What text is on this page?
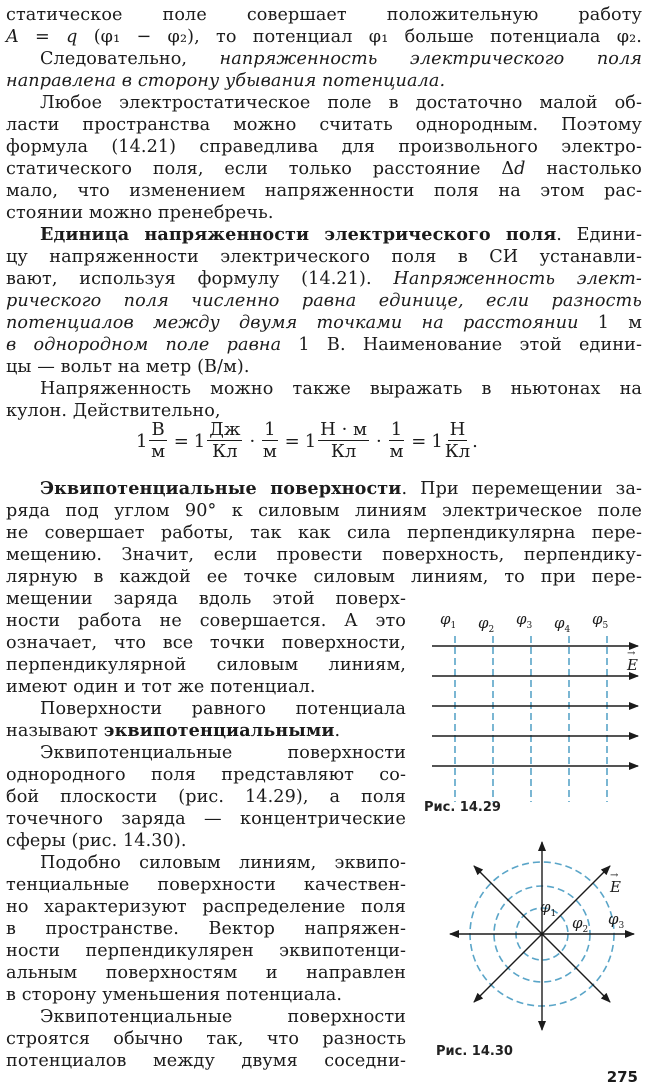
статическое поле совершает положительную работу
A = q (φ₁ − φ₂), то потенциал φ₁ больше потенциала φ₂.
Следовательно, напряженность электрического поля
направлена в сторону убывания потенциала.
Любое электростатическое поле в достаточно малой об-
ласти пространства можно считать однородным. Поэтому
формула (14.21) справедлива для произвольного электро-
статического поля, если только расстояние Δd настолько
мало, что изменением напряженности поля на этом рас-
стоянии можно пренебречь.
Единица напряженности электрического поля. Едини-
цу напряженности электрического поля в СИ устанавли-
вают, используя формулу (14.21). Напряженность элект-
рического поля численно равна единице, если разность
потенциалов между двумя точками на расстоянии 1 м
в однородном поле равна 1 В. Наименование этой едини-
цы — вольт на метр (В/м).
Напряженность можно также выражать в ньютонах на
кулон. Действительно,
$1 \frac{В}{м} = 1 \frac{Дж}{Кл} \cdot \frac{1}{м} = 1 \frac{Н \cdot м}{Кл} \cdot \frac{1}{м} = 1 \frac{Н}{Кл}$ .
Эквипотенциальные поверхности. При перемещении за-
ряда под углом 90° к силовым линиям электрическое поле
не совершает работы, так как сила перпендикулярна пере-
мещению. Значит, если провести поверхность, перпендику-
лярную в каждой ее точке силовым линиям, то при пере-
мещении заряда вдоль этой поверх-
ности работа не совершается. А это
означает, что все точки поверхности,
перпендикулярной силовым линиям,
имеют один и тот же потенциал.
Поверхности равного потенциала
называют эквипотенциальными.
Эквипотенциальные поверхности
однородного поля представляют со-
бой плоскости (рис. 14.29), а поля
точечного заряда — концентрические
сферы (рис. 14.30).
Подобно силовым линиям, эквипо-
тенциальные поверхности качествен-
но характеризуют распределение поля
в пространстве. Вектор напряжен-
ности перпендикулярен эквипотенци-
альным поверхностям и направлен
в сторону уменьшения потенциала.
Эквипотенциальные поверхности
строятся обычно так, что разность
потенциалов между двумя соседни-
$\varphi_1$ $\varphi_2$
$\varphi_3$ $\varphi_4$
$\varphi_5$
E
→
Рис. 14.29
$\varphi_1$ $\varphi_2$
$\varphi_3$
E
→
Рис. 14.30
275
